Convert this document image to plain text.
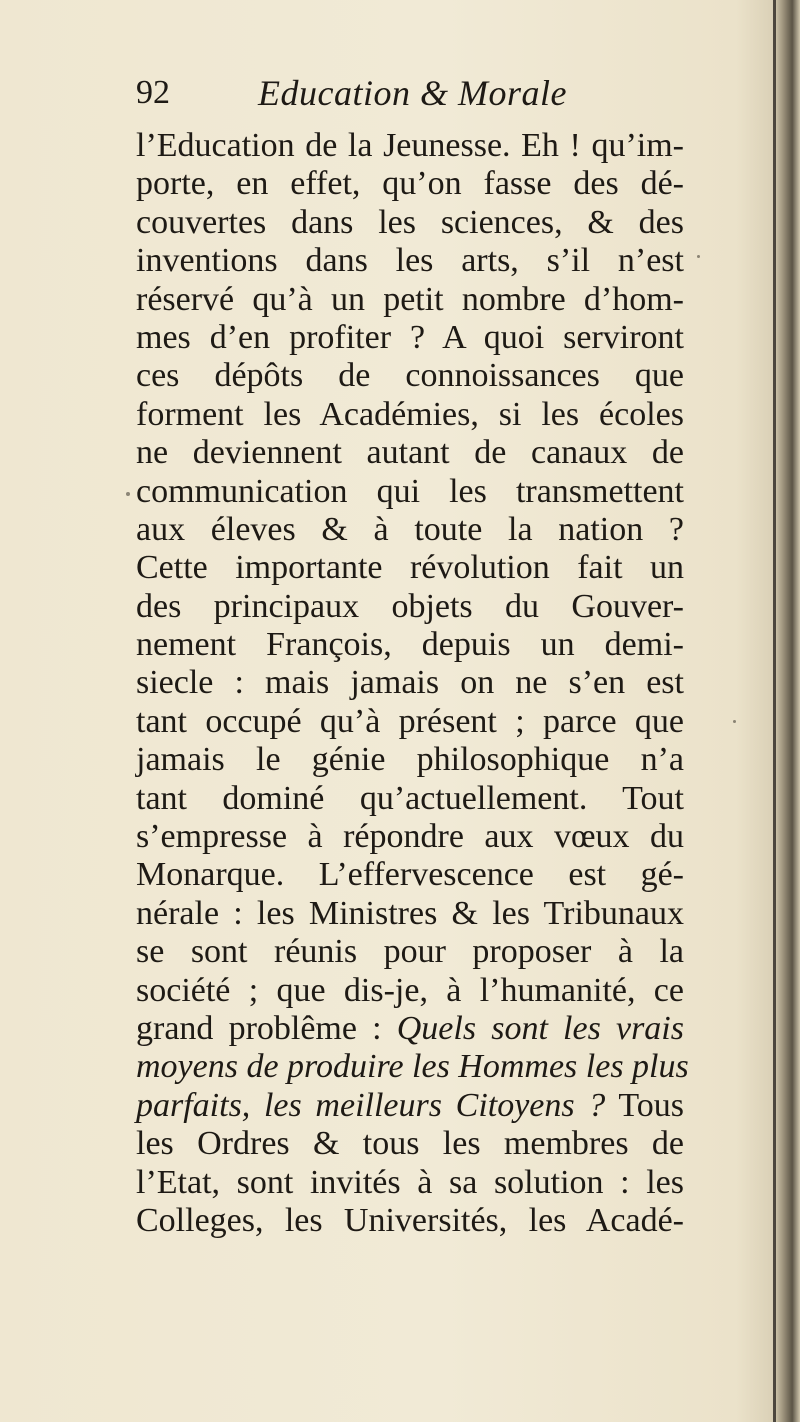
92 Education & Morale
l’Education de la Jeunesse. Eh ! qu’im-
porte, en effet, qu’on fasse des dé-
couvertes dans les sciences, & des
inventions dans les arts, s’il n’est
réservé qu’à un petit nombre d’hom-
mes d’en profiter ? A quoi serviront
ces dépôts de connoissances que
forment les Académies, si les écoles
ne deviennent autant de canaux de
communication qui les transmettent
aux éleves & à toute la nation ?
Cette importante révolution fait un
des principaux objets du Gouver-
nement François, depuis un demi-
siecle : mais jamais on ne s’en est
tant occupé qu’à présent ; parce que
jamais le génie philosophique n’a
tant dominé qu’actuellement. Tout
s’empresse à répondre aux vœux du
Monarque. L’effervescence est gé-
nérale : les Ministres & les Tribunaux
se sont réunis pour proposer à la
société ; que dis-je, à l’humanité, ce
grand problême : Quels sont les vrais
moyens de produire les Hommes les plus
parfaits, les meilleurs Citoyens ? Tous
les Ordres & tous les membres de
l’Etat, sont invités à sa solution : les
Colleges, les Universités, les Acadé-
